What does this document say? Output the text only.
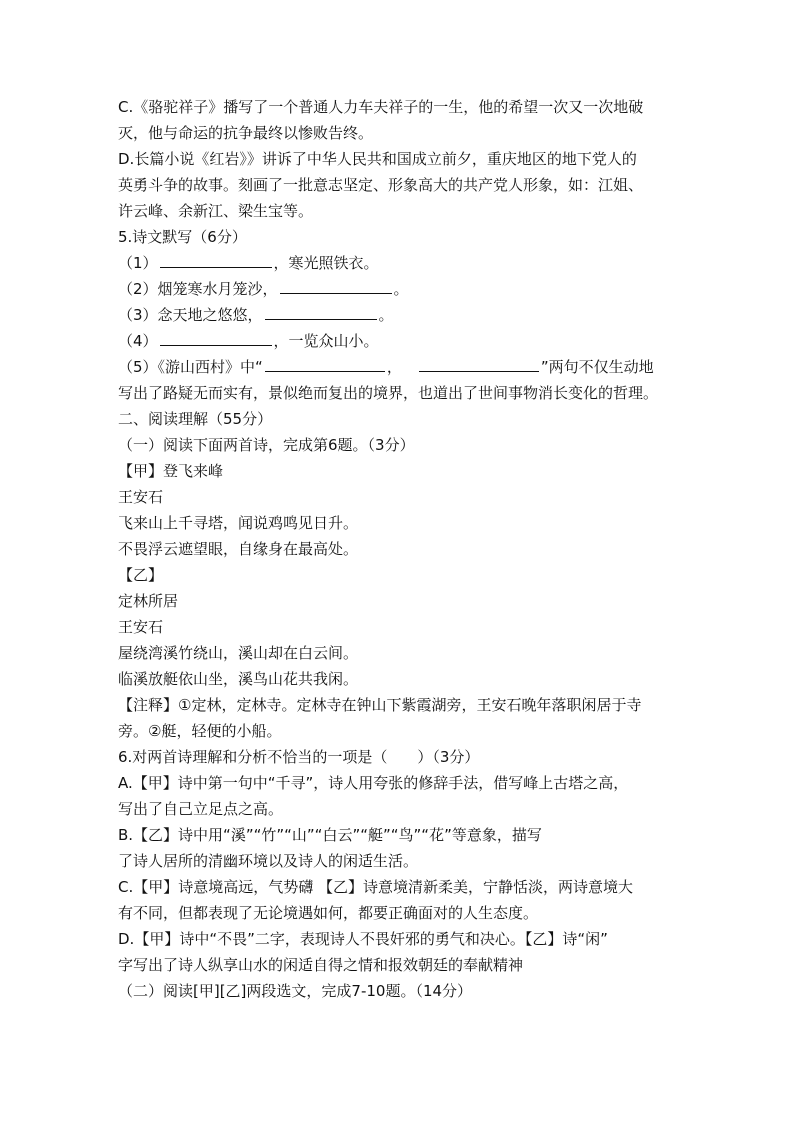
C.《骆驼祥子》播写了一个普通人力车夫祥子的一生，他的希望一次又一次地破
灭，他与命运的抗争最终以惨败告终。
D.长篇小说《红岩》》讲诉了中华人民共和国成立前夕，重庆地区的地下党人的
英勇斗争的故事。刻画了一批意志坚定、形象高大的共产党人形象，如：江姐、
许云峰、余新江、梁生宝等。
5.诗文默写（6分）
（1）	，寒光照铁衣。
（2）烟笼寒水月笼沙，	。
（3）念天地之悠悠，	。
（4）	，一览众山小。
（5）《游山西村》中“	， 	”两句不仅生动地
写出了路疑无而实有，景似绝而复出的境界，也道出了世间事物消长变化的哲理。
二、阅读理解（55分）
（一）阅读下面两首诗，完成第6题。（3分）
【甲】登飞来峰
王安石
飞来山上千寻塔，闻说鸡鸣见日升。
不畏浮云遮望眼，自缘身在最高处。
【乙】
定林所居
王安石
屋绕湾溪竹绕山，溪山却在白云间。
临溪放艇依山坐，溪鸟山花共我闲。
【注释】①定林，定林寺。定林寺在钟山下紫霞湖旁，王安石晚年落职闲居于寺
旁。②艇，轻便的小船。
6.对两首诗理解和分析不恰当的一项是（　　）（3分）
A.【甲】诗中第一句中“千寻”，诗人用夸张的修辞手法，借写峰上古塔之高，
写出了自己立足点之高。
B.【乙】诗中用“溪”“竹”“山”“白云”“艇”“鸟”“花”等意象，描写
了诗人居所的清幽环境以及诗人的闲适生活。
C.【甲】诗意境高远，气势礴 【乙】诗意境清新柔美，宁静恬淡，两诗意境大
有不同，但都表现了无论境遇如何，都要正确面对的人生态度。
D.【甲】诗中“不畏”二字，表现诗人不畏奸邪的勇气和决心。【乙】诗“闲”
字写出了诗人纵享山水的闲适自得之情和报效朝廷的奉献精神
（二）阅读[甲][乙]两段选文，完成7-10题。（14分）
